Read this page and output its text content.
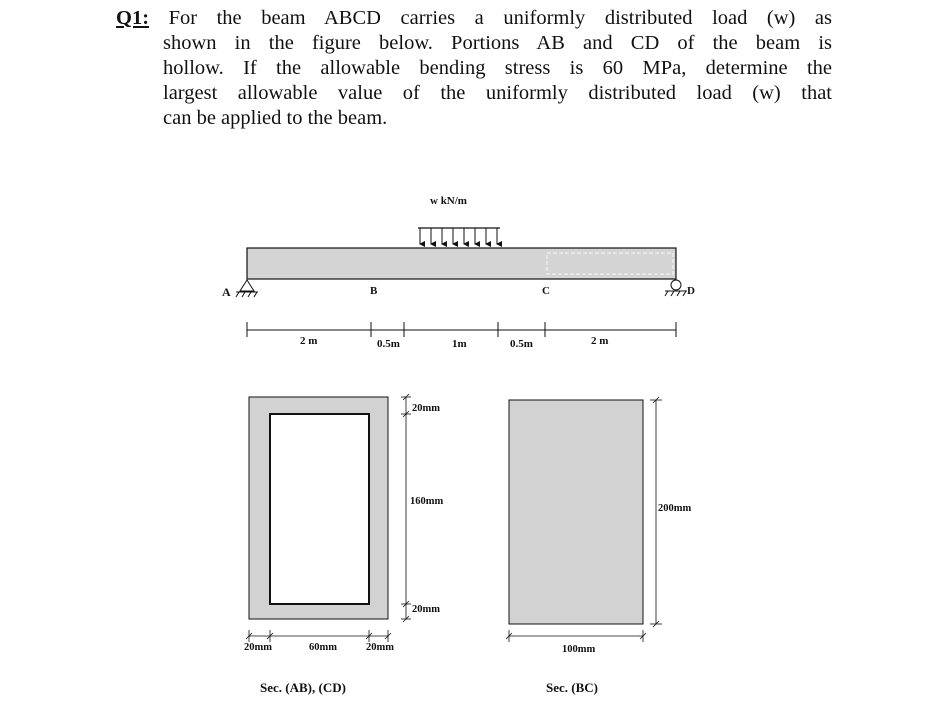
Q1: For the beam ABCD carries a uniformly distributed load (w) as
shown in the figure below. Portions AB and CD of the beam is
hollow. If the allowable bending stress is 60 MPa, determine the
largest allowable value of the uniformly distributed load (w) that
can be applied to the beam.
w kN/m
A	B	C	D
2 m	0.5m	1m	0.5m	2 m
20mm
160mm
20mm
20mm	60mm	20mm
Sec. (AB), (CD)
200mm
100mm
Sec. (BC)
